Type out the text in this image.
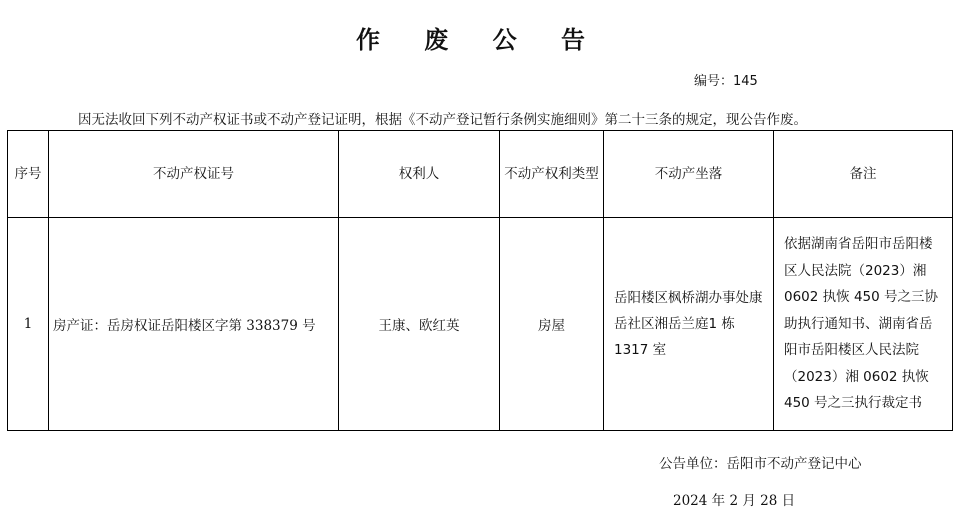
作 废 公 告
编号：145
因无法收回下列不动产权证书或不动产登记证明，根据《不动产登记暂行条例实施细则》第二十三条的规定，现公告作废。
序号	不动产权证号	权利人	不动产权利类型	不动产坐落	备注
1	房产证：岳房权证岳阳楼区字第 338379 号	王康、欧红英	房屋	岳阳楼区枫桥湖办事处康岳社区湘岳兰庭1 栋 1317 室	依据湖南省岳阳市岳阳楼区人民法院（2023）湘 0602 执恢 450 号之三协助执行通知书、湖南省岳阳市岳阳楼区人民法院（2023）湘 0602 执恢 450 号之三执行裁定书
公告单位：岳阳市不动产登记中心
2024 年 2 月 28 日
